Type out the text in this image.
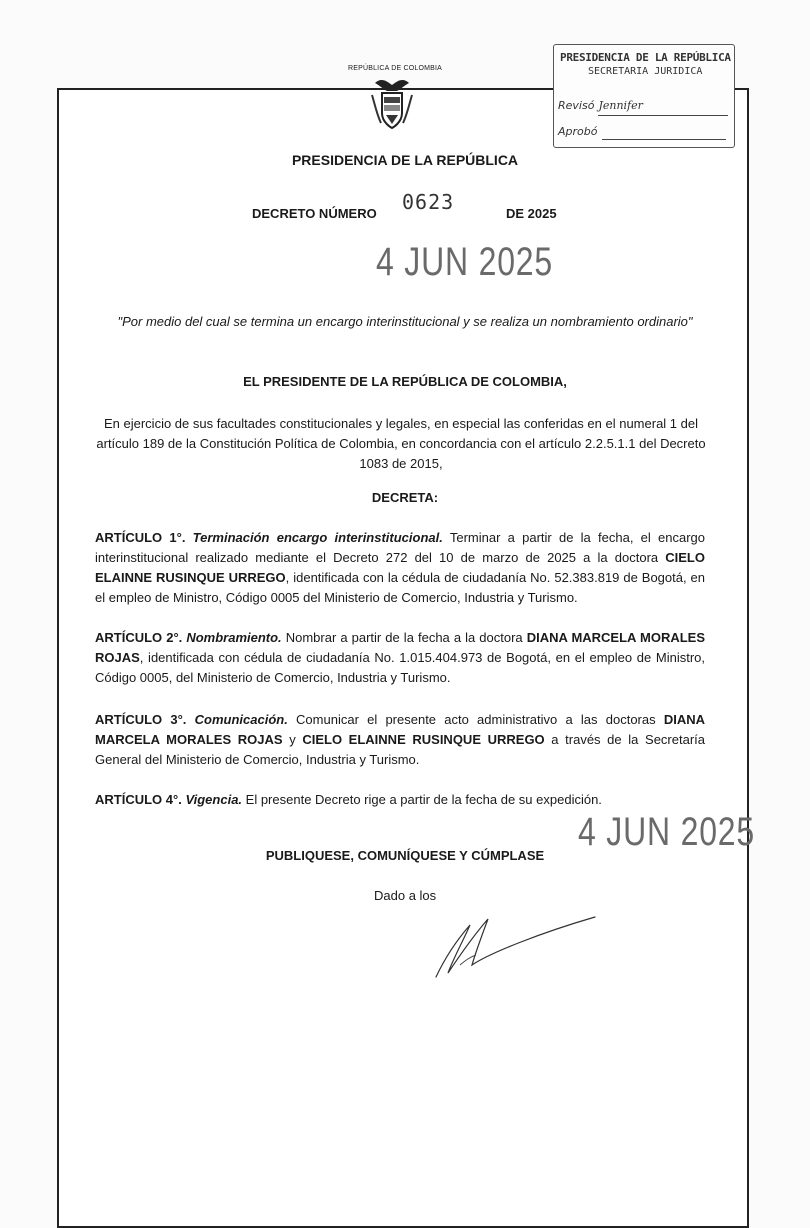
REPÚBLICA DE COLOMBIA
PRESIDENCIA DE LA REPÚBLICA
SECRETARIA JURIDICA
Revisó Jennifer
Aprobó
PRESIDENCIA DE LA REPÚBLICA
DECRETO NÚMERO 0623	DE 2025
4 JUN 2025
"Por medio del cual se termina un encargo interinstitucional y se realiza un nombramiento ordinario"
EL PRESIDENTE DE LA REPÚBLICA DE COLOMBIA,
En ejercicio de sus facultades constitucionales y legales, en especial las conferidas en el numeral 1 del artículo 189 de la Constitución Política de Colombia, en concordancia con el artículo 2.2.5.1.1 del Decreto 1083 de 2015,
DECRETA:
ARTÍCULO 1°. Terminación encargo interinstitucional. Terminar a partir de la fecha, el encargo interinstitucional realizado mediante el Decreto 272 del 10 de marzo de 2025 a la doctora CIELO ELAINNE RUSINQUE URREGO, identificada con la cédula de ciudadanía No. 52.383.819 de Bogotá, en el empleo de Ministro, Código 0005 del Ministerio de Comercio, Industria y Turismo.
ARTÍCULO 2°. Nombramiento. Nombrar a partir de la fecha a la doctora DIANA MARCELA MORALES ROJAS, identificada con cédula de ciudadanía No. 1.015.404.973 de Bogotá, en el empleo de Ministro, Código 0005, del Ministerio de Comercio, Industria y Turismo.
ARTÍCULO 3°. Comunicación. Comunicar el presente acto administrativo a las doctoras DIANA MARCELA MORALES ROJAS y CIELO ELAINNE RUSINQUE URREGO a través de la Secretaría General del Ministerio de Comercio, Industria y Turismo.
ARTÍCULO 4°. Vigencia. El presente Decreto rige a partir de la fecha de su expedición.
4 JUN 2025
PUBLIQUESE, COMUNÍQUESE Y CÚMPLASE
Dado a los
